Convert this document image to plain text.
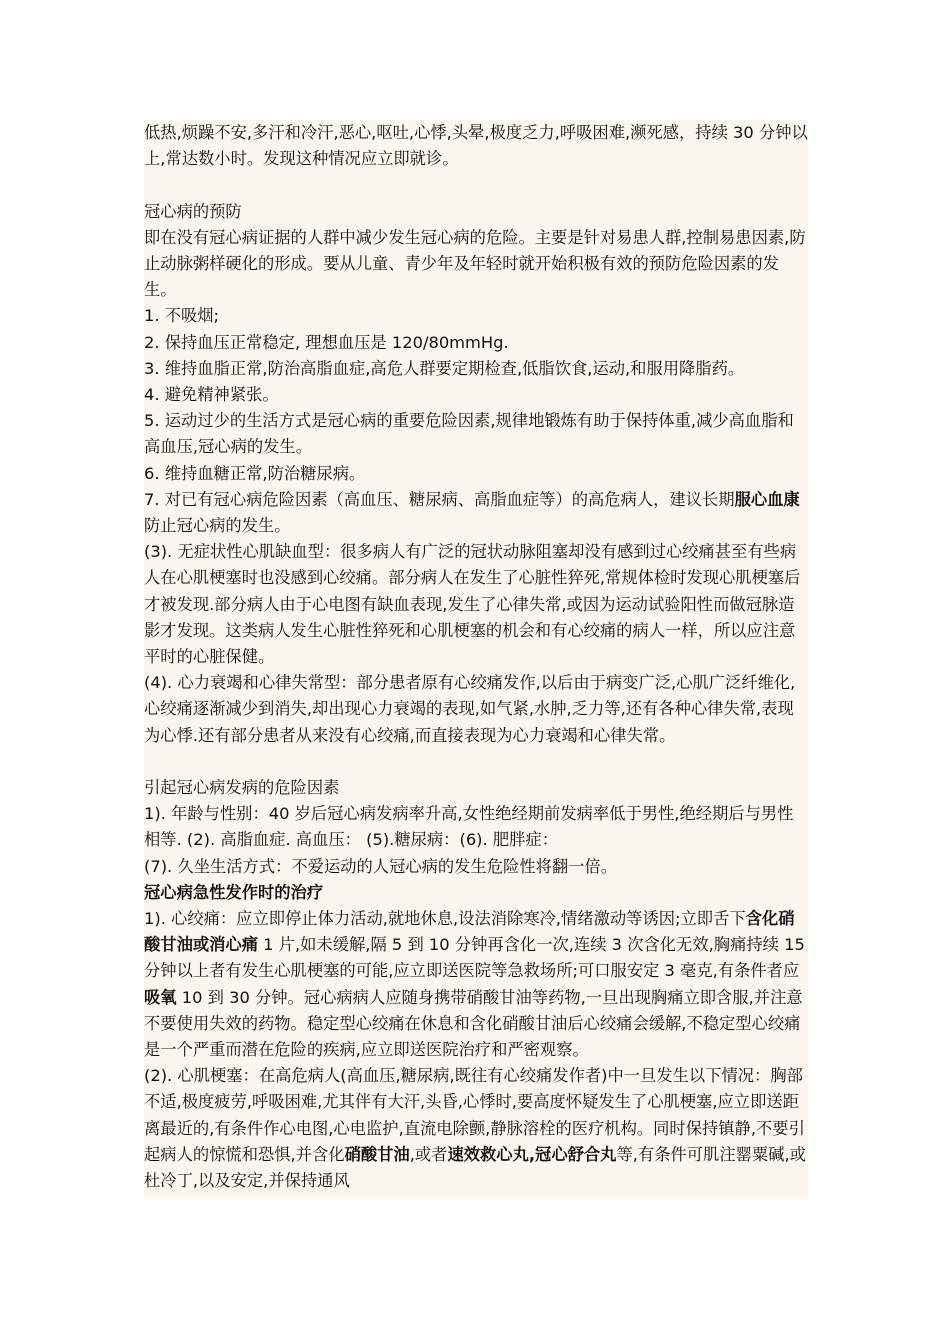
低热,烦躁不安,多汗和冷汗,恶心,呕吐,心悸,头晕,极度乏力,呼吸困难,濒死感，持续 30 分钟以上,常达数小时。发现这种情况应立即就诊。

冠心病的预防

即在没有冠心病证据的人群中减少发生冠心病的危险。主要是针对易患人群,控制易患因素,防止动脉粥样硬化的形成。要从儿童、青少年及年轻时就开始积极有效的预防危险因素的发生。

1. 不吸烟;

2. 保持血压正常稳定, 理想血压是 120/80mmHg.

3. 维持血脂正常,防治高脂血症,高危人群要定期检查,低脂饮食,运动,和服用降脂药。

4. 避免精神紧张。

5. 运动过少的生活方式是冠心病的重要危险因素,规律地锻炼有助于保持体重,减少高血脂和高血压,冠心病的发生。

6. 维持血糖正常,防治糖尿病。

7. 对已有冠心病危险因素（高血压、糖尿病、高脂血症等）的高危病人，建议长期服心血康防止冠心病的发生。

(3). 无症状性心肌缺血型：很多病人有广泛的冠状动脉阻塞却没有感到过心绞痛甚至有些病人在心肌梗塞时也没感到心绞痛。部分病人在发生了心脏性猝死,常规体检时发现心肌梗塞后才被发现.部分病人由于心电图有缺血表现,发生了心律失常,或因为运动试验阳性而做冠脉造影才发现。这类病人发生心脏性猝死和心肌梗塞的机会和有心绞痛的病人一样，所以应注意平时的心脏保健。

(4). 心力衰竭和心律失常型：部分患者原有心绞痛发作,以后由于病变广泛,心肌广泛纤维化,心绞痛逐渐减少到消失,却出现心力衰竭的表现,如气紧,水肿,乏力等,还有各种心律失常,表现为心悸.还有部分患者从来没有心绞痛,而直接表现为心力衰竭和心律失常。

引起冠心病发病的危险因素

1). 年龄与性别：40 岁后冠心病发病率升高,女性绝经期前发病率低于男性,绝经期后与男性相等. (2). 高脂血症. 高血压： (5).糖尿病：(6). 肥胖症：

(7). 久坐生活方式：不爱运动的人冠心病的发生危险性将翻一倍。

冠心病急性发作时的治疗

1). 心绞痛：应立即停止体力活动,就地休息,设法消除寒冷,情绪激动等诱因;立即舌下含化硝酸甘油或消心痛 1 片,如未缓解,隔 5 到 10 分钟再含化一次,连续 3 次含化无效,胸痛持续 15 分钟以上者有发生心肌梗塞的可能,应立即送医院等急救场所;可口服安定 3 毫克,有条件者应吸氧 10 到 30 分钟。冠心病病人应随身携带硝酸甘油等药物,一旦出现胸痛立即含服,并注意不要使用失效的药物。稳定型心绞痛在休息和含化硝酸甘油后心绞痛会缓解,不稳定型心绞痛是一个严重而潜在危险的疾病,应立即送医院治疗和严密观察。

(2). 心肌梗塞：在高危病人(高血压,糖尿病,既往有心绞痛发作者)中一旦发生以下情况：胸部不适,极度疲劳,呼吸困难,尤其伴有大汗,头昏,心悸时,要高度怀疑发生了心肌梗塞,应立即送距离最近的,有条件作心电图,心电监护,直流电除颤,静脉溶栓的医疗机构。同时保持镇静,不要引起病人的惊慌和恐惧,并含化硝酸甘油,或者速效救心丸,冠心舒合丸等,有条件可肌注罂粟碱,或杜冷丁,以及安定,并保持通风
